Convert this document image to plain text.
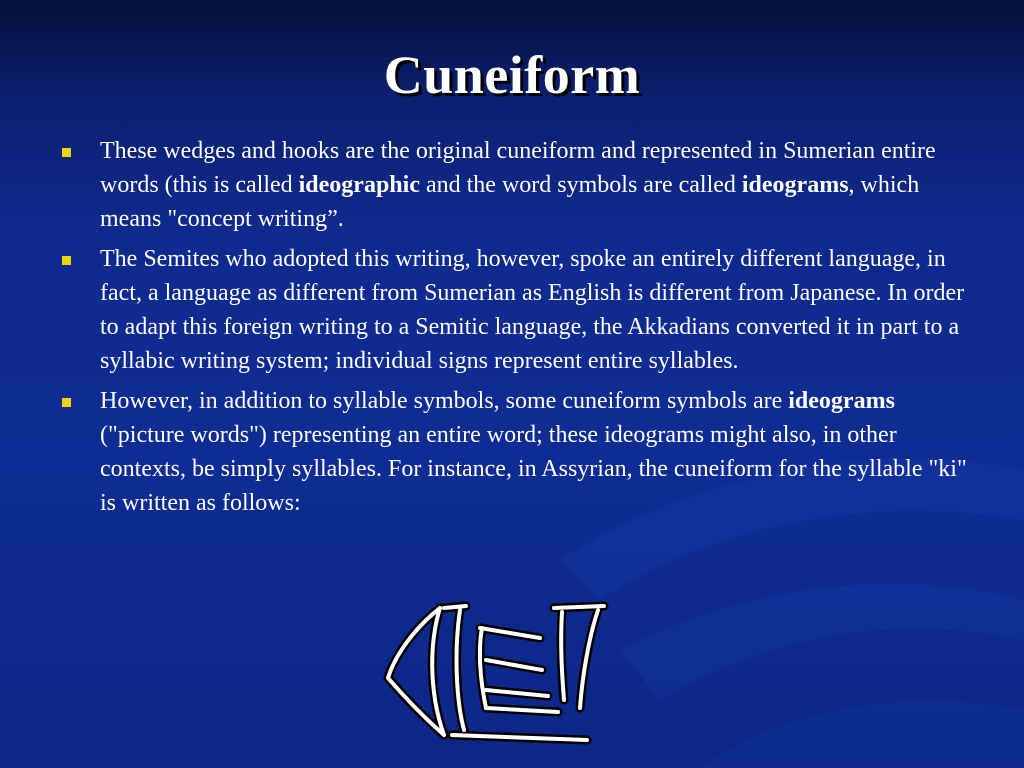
Cuneiform
These wedges and hooks are the original cuneiform and represented in Sumerian entire words (this is called ideographic and the word symbols are called ideograms, which means "concept writing”.
The Semites who adopted this writing, however, spoke an entirely different language, in fact, a language as different from Sumerian as English is different from Japanese. In order to adapt this foreign writing to a Semitic language, the Akkadians converted it in part to a syllabic writing system; individual signs represent entire syllables.
However, in addition to syllable symbols, some cuneiform symbols are ideograms ("picture words") representing an entire word; these ideograms might also, in other contexts, be simply syllables. For instance, in Assyrian, the cuneiform for the syllable "ki" is written as follows:
